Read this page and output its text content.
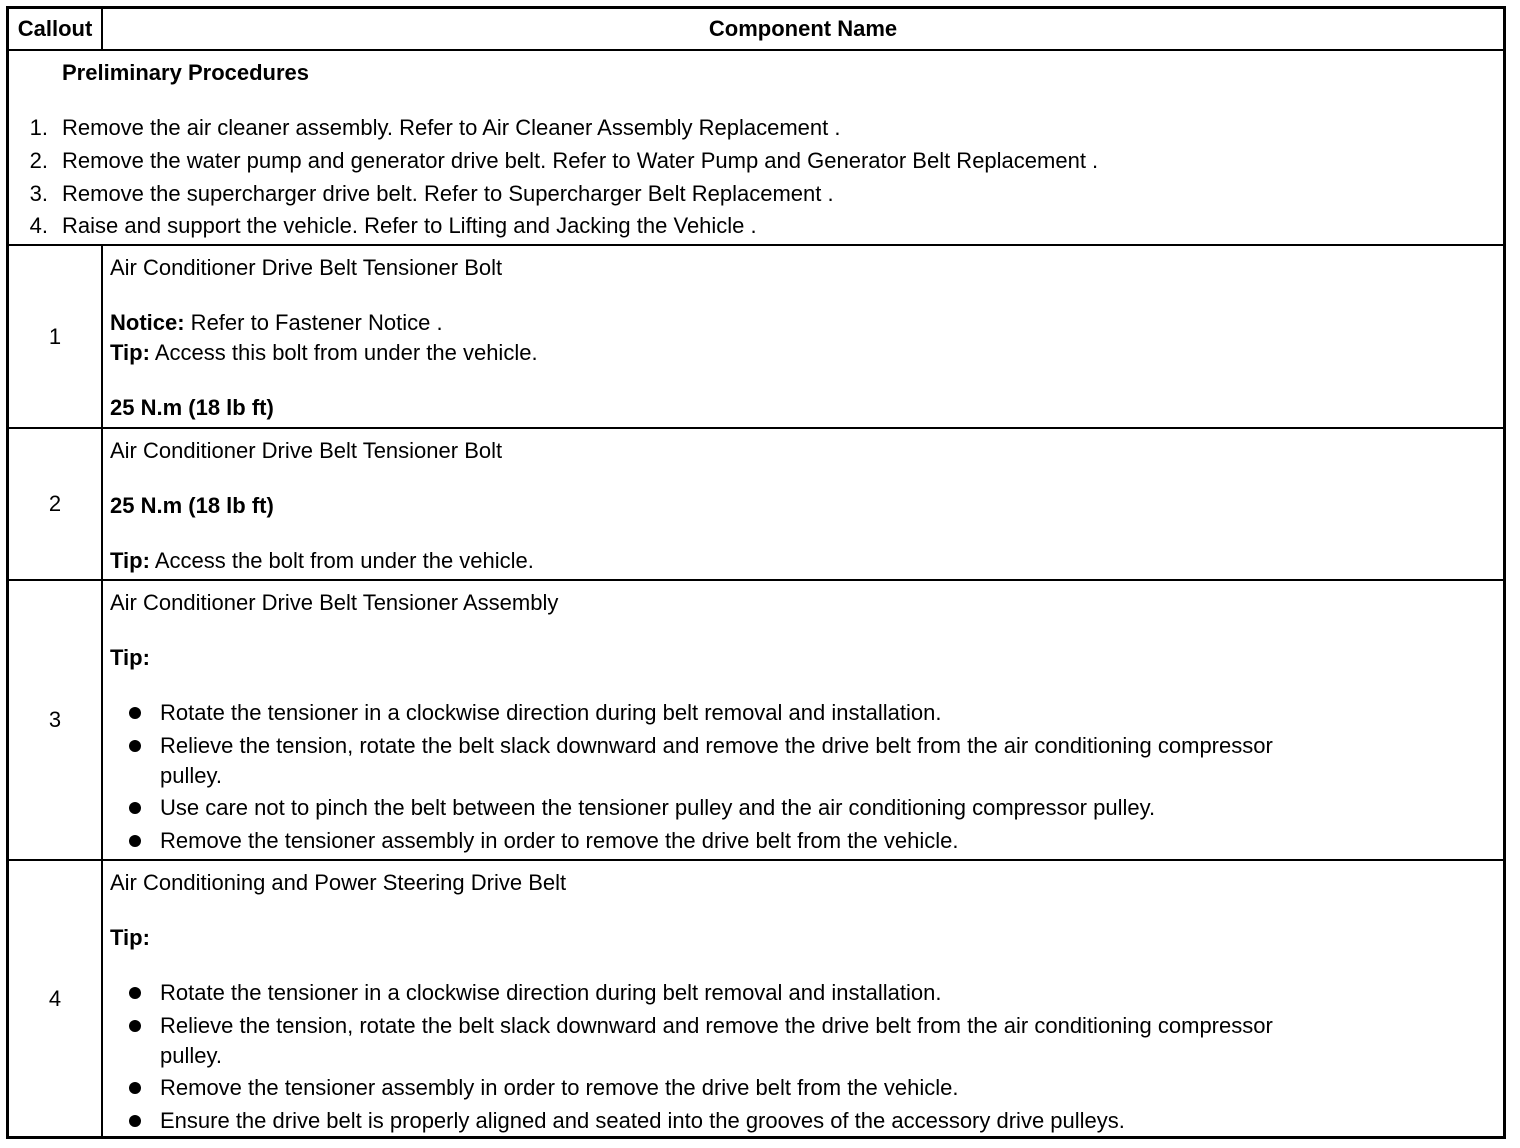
Callout	Component Name
Preliminary Procedures
1. Remove the air cleaner assembly. Refer to Air Cleaner Assembly Replacement .
2. Remove the water pump and generator drive belt. Refer to Water Pump and Generator Belt Replacement .
3. Remove the supercharger drive belt. Refer to Supercharger Belt Replacement .
4. Raise and support the vehicle. Refer to Lifting and Jacking the Vehicle .
1
Air Conditioner Drive Belt Tensioner Bolt
Notice: Refer to Fastener Notice .
Tip: Access this bolt from under the vehicle.
25 N.m (18 lb ft)
2
Air Conditioner Drive Belt Tensioner Bolt
25 N.m (18 lb ft)
Tip: Access the bolt from under the vehicle.
3
Air Conditioner Drive Belt Tensioner Assembly
Tip:
Rotate the tensioner in a clockwise direction during belt removal and installation.
Relieve the tension, rotate the belt slack downward and remove the drive belt from the air conditioning compressor
pulley.
Use care not to pinch the belt between the tensioner pulley and the air conditioning compressor pulley.
Remove the tensioner assembly in order to remove the drive belt from the vehicle.
4
Air Conditioning and Power Steering Drive Belt
Tip:
Rotate the tensioner in a clockwise direction during belt removal and installation.
Relieve the tension, rotate the belt slack downward and remove the drive belt from the air conditioning compressor
pulley.
Remove the tensioner assembly in order to remove the drive belt from the vehicle.
Ensure the drive belt is properly aligned and seated into the grooves of the accessory drive pulleys.
